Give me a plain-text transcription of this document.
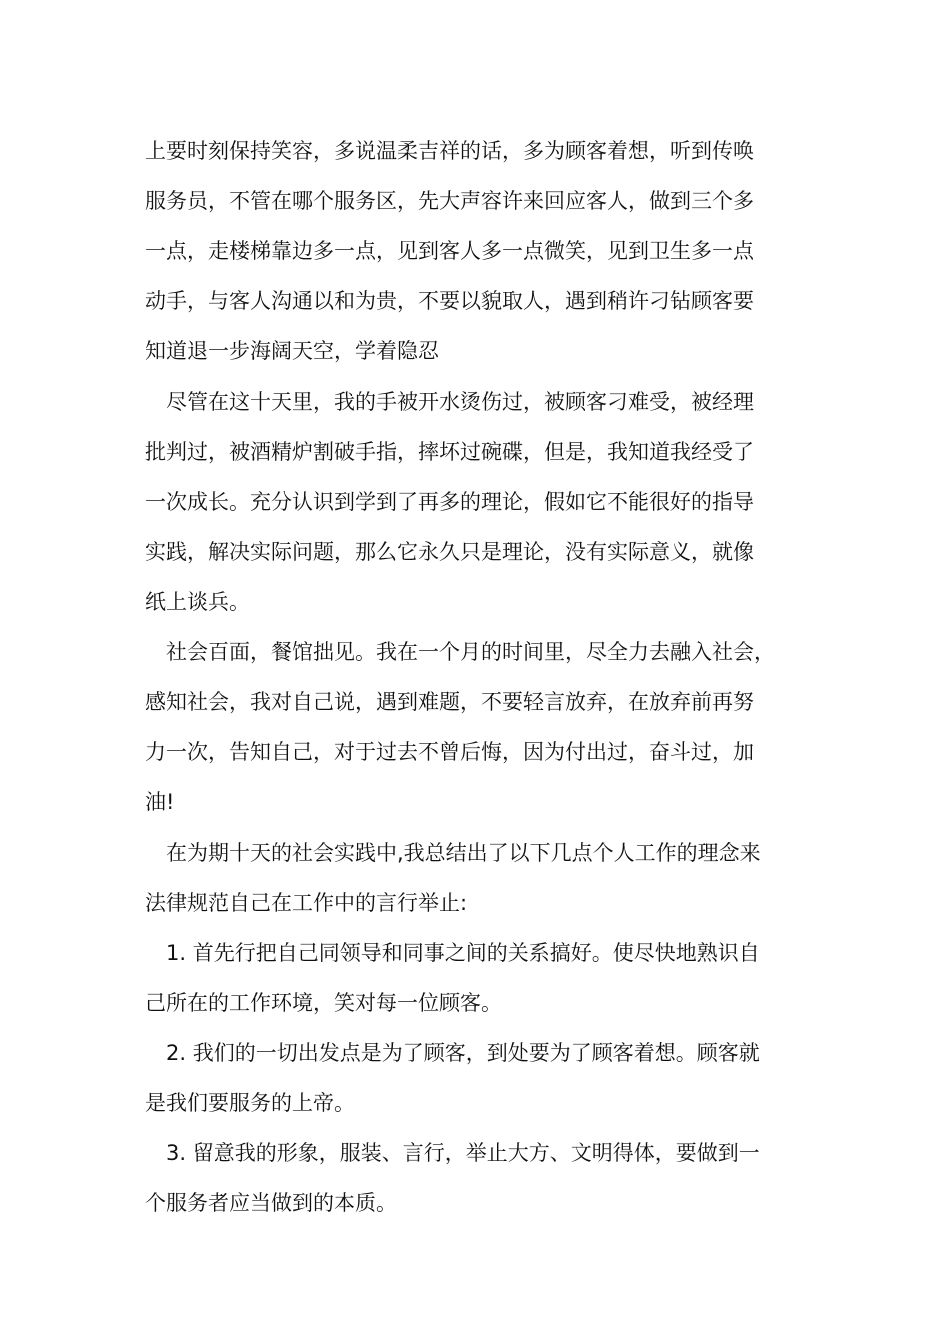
上要时刻保持笑容，多说温柔吉祥的话，多为顾客着想，听到传唤
服务员，不管在哪个服务区，先大声容许来回应客人，做到三个多
一点，走楼梯靠边多一点，见到客人多一点微笑，见到卫生多一点
动手，与客人沟通以和为贵，不要以貌取人，遇到稍许刁钻顾客要
知道退一步海阔天空，学着隐忍
尽管在这十天里，我的手被开水烫伤过，被顾客刁难受，被经理
批判过，被酒精炉割破手指，摔坏过碗碟，但是，我知道我经受了
一次成长。充分认识到学到了再多的理论，假如它不能很好的指导
实践，解决实际问题，那么它永久只是理论，没有实际意义，就像
纸上谈兵。
社会百面，餐馆拙见。我在一个月的时间里，尽全力去融入社会，
感知社会，我对自己说，遇到难题，不要轻言放弃，在放弃前再努
力一次，告知自己，对于过去不曾后悔，因为付出过，奋斗过，加
油!
在为期十天的社会实践中,我总结出了以下几点个人工作的理念来
法律规范自己在工作中的言行举止:
1. 首先行把自己同领导和同事之间的关系搞好。使尽快地熟识自
己所在的工作环境，笑对每一位顾客。
2. 我们的一切出发点是为了顾客，到处要为了顾客着想。顾客就
是我们要服务的上帝。
3. 留意我的形象，服装、言行，举止大方、文明得体，要做到一
个服务者应当做到的本质。
